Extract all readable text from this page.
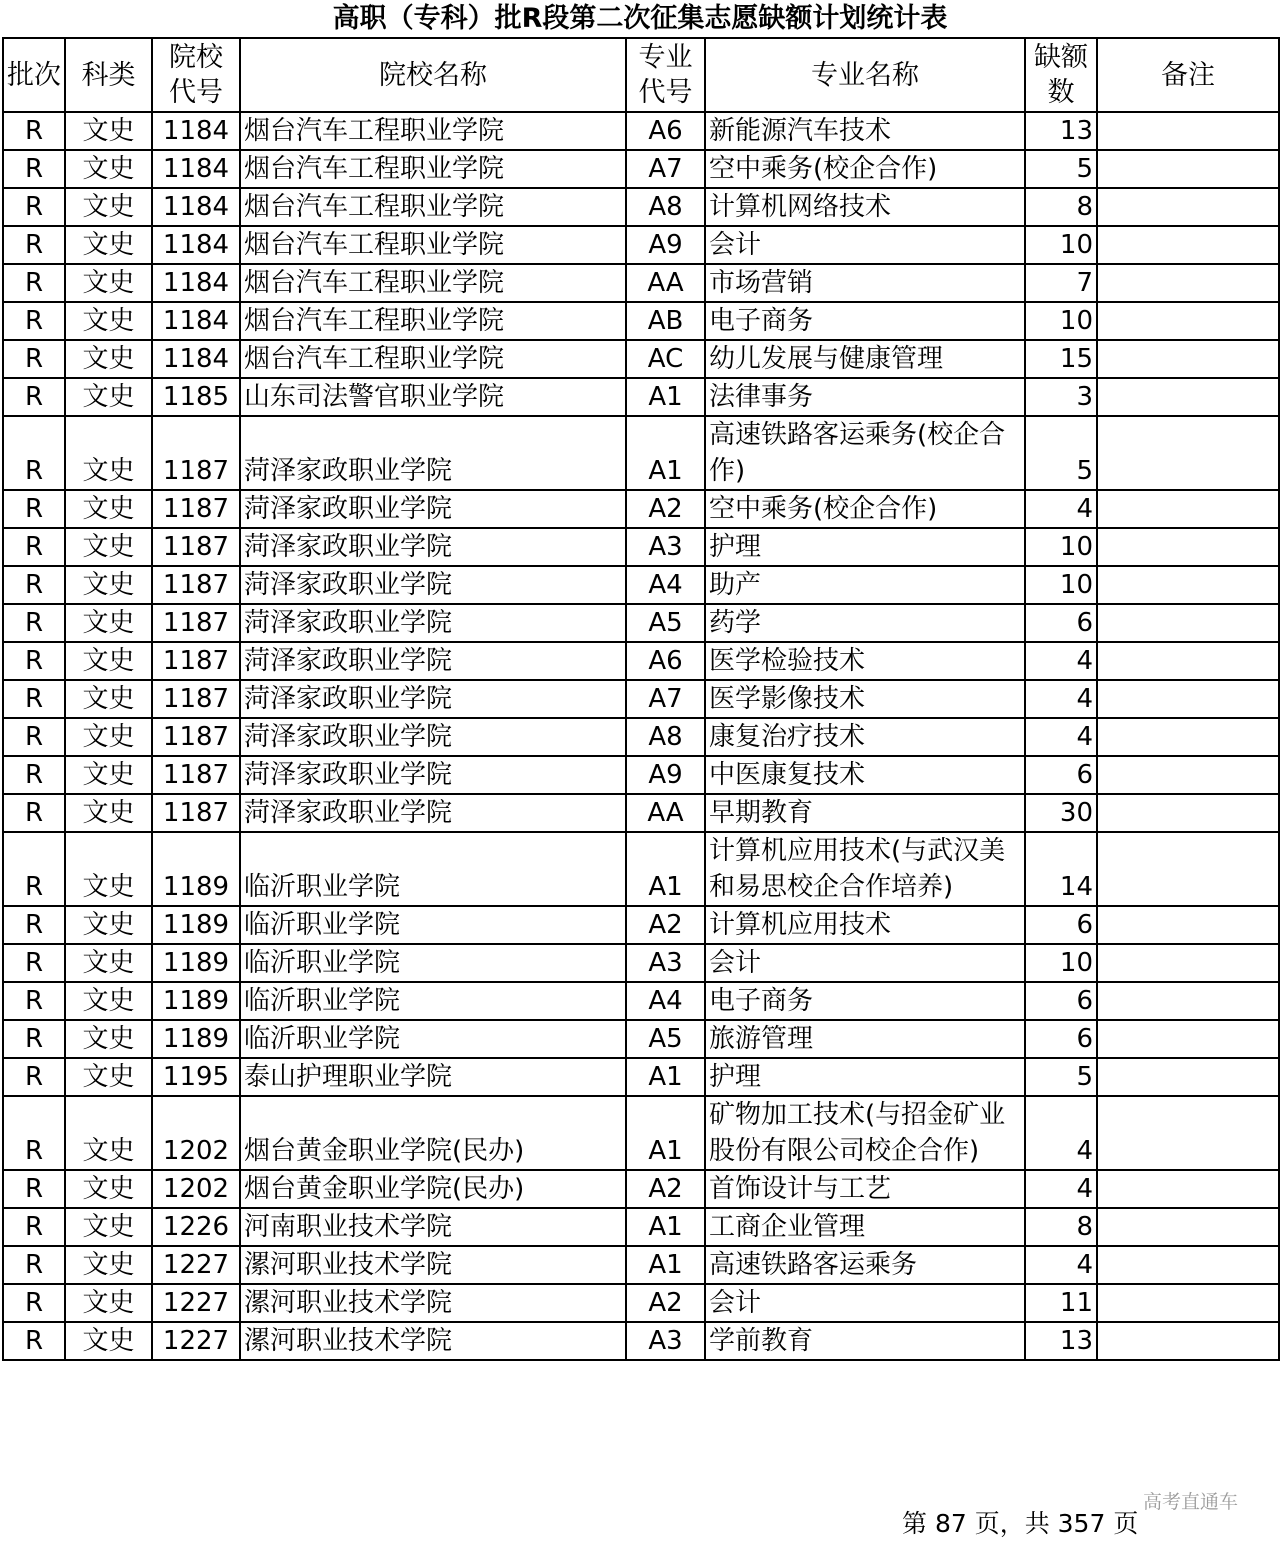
高职（专科）批R段第二次征集志愿缺额计划统计表
批次	科类	院校代号	院校名称	专业代号	专业名称	缺额数	备注
R	文史	1184	烟台汽车工程职业学院	A6	新能源汽车技术	13	
R	文史	1184	烟台汽车工程职业学院	A7	空中乘务(校企合作)	5	
R	文史	1184	烟台汽车工程职业学院	A8	计算机网络技术	8	
R	文史	1184	烟台汽车工程职业学院	A9	会计	10	
R	文史	1184	烟台汽车工程职业学院	AA	市场营销	7	
R	文史	1184	烟台汽车工程职业学院	AB	电子商务	10	
R	文史	1184	烟台汽车工程职业学院	AC	幼儿发展与健康管理	15	
R	文史	1185	山东司法警官职业学院	A1	法律事务	3	
R	文史	1187	菏泽家政职业学院	A1	高速铁路客运乘务(校企合作)	5	
R	文史	1187	菏泽家政职业学院	A2	空中乘务(校企合作)	4	
R	文史	1187	菏泽家政职业学院	A3	护理	10	
R	文史	1187	菏泽家政职业学院	A4	助产	10	
R	文史	1187	菏泽家政职业学院	A5	药学	6	
R	文史	1187	菏泽家政职业学院	A6	医学检验技术	4	
R	文史	1187	菏泽家政职业学院	A7	医学影像技术	4	
R	文史	1187	菏泽家政职业学院	A8	康复治疗技术	4	
R	文史	1187	菏泽家政职业学院	A9	中医康复技术	6	
R	文史	1187	菏泽家政职业学院	AA	早期教育	30	
R	文史	1189	临沂职业学院	A1	计算机应用技术(与武汉美和易思校企合作培养)	14	
R	文史	1189	临沂职业学院	A2	计算机应用技术	6	
R	文史	1189	临沂职业学院	A3	会计	10	
R	文史	1189	临沂职业学院	A4	电子商务	6	
R	文史	1189	临沂职业学院	A5	旅游管理	6	
R	文史	1195	泰山护理职业学院	A1	护理	5	
R	文史	1202	烟台黄金职业学院(民办)	A1	矿物加工技术(与招金矿业股份有限公司校企合作)	4	
R	文史	1202	烟台黄金职业学院(民办)	A2	首饰设计与工艺	4	
R	文史	1226	河南职业技术学院	A1	工商企业管理	8	
R	文史	1227	漯河职业技术学院	A1	高速铁路客运乘务	4	
R	文史	1227	漯河职业技术学院	A2	会计	11	
R	文史	1227	漯河职业技术学院	A3	学前教育	13	
第 87 页，共 357 页
高考直通车
